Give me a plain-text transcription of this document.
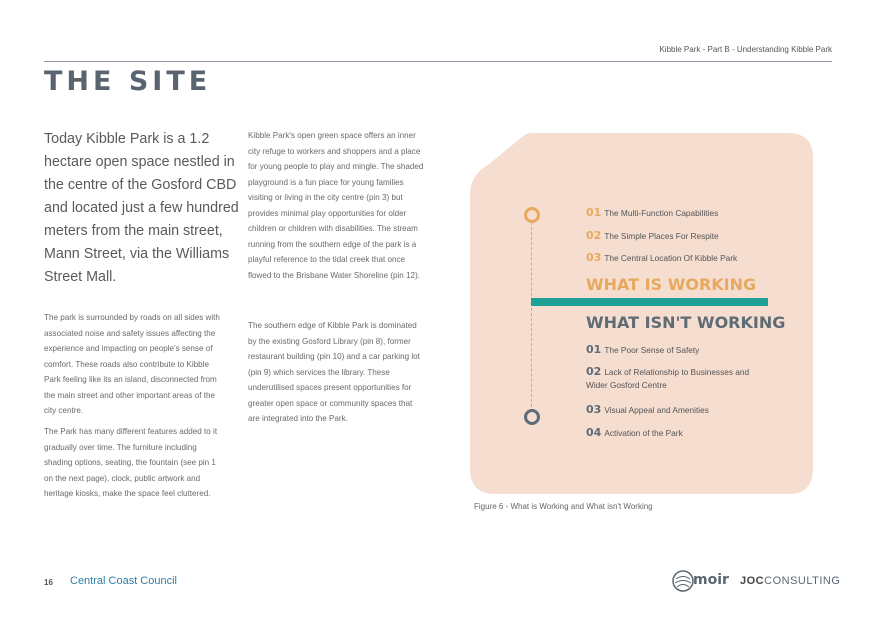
Kibble Park - Part B - Understanding Kibble Park
THE SITE
Today Kibble Park is a 1.2 hectare open space nestled in the centre of the Gosford CBD and located just a few hundred meters from the main street, Mann Street, via the Williams Street Mall.
The park is surrounded by roads on all sides with associated noise and safety issues affecting the experience and impacting on people's sense of comfort. These roads also contribute to Kibble Park feeling like its an island, disconnected from the main street and other important areas of the city centre.
The Park has many different features added to it gradually over time. The furniture including shading options, seating, the fountain (see pin 1 on the next page), clock, public artwork and heritage kiosks, make the space feel cluttered.
Kibble Park's open green space offers an inner city refuge to workers and shoppers and a place for young people to play and mingle. The shaded playground is a fun place for young families visiting or living in the city centre (pin 3) but provides minimal play opportunities for older children or children with disabilities. The stream running from the southern edge of the park is a playful reference to the tidal creek that once flowed to the Brisbane Water Shoreline (pin 12).
The southern edge of Kibble Park is dominated by the existing Gosford Library (pin 8), former restaurant building (pin 10) and a car parking lot (pin 9) which services the library. These underutilised spaces present opportunities for greater open space or community spaces that are integrated into the Park.
01 The Multi-Function Capabilities
02 The Simple Places For Respite
03 The Central Location Of Kibble Park
WHAT IS WORKING
WHAT ISN'T WORKING
01 The Poor Sense of Safety
02 Lack of Relationship to Businesses and Wider Gosford Centre
03 Visual Appeal and Amenities
04 Activation of the Park
Figure 6 - What is Working and What isn't Working
16 Central Coast Council	moir JOCCONSULTING
